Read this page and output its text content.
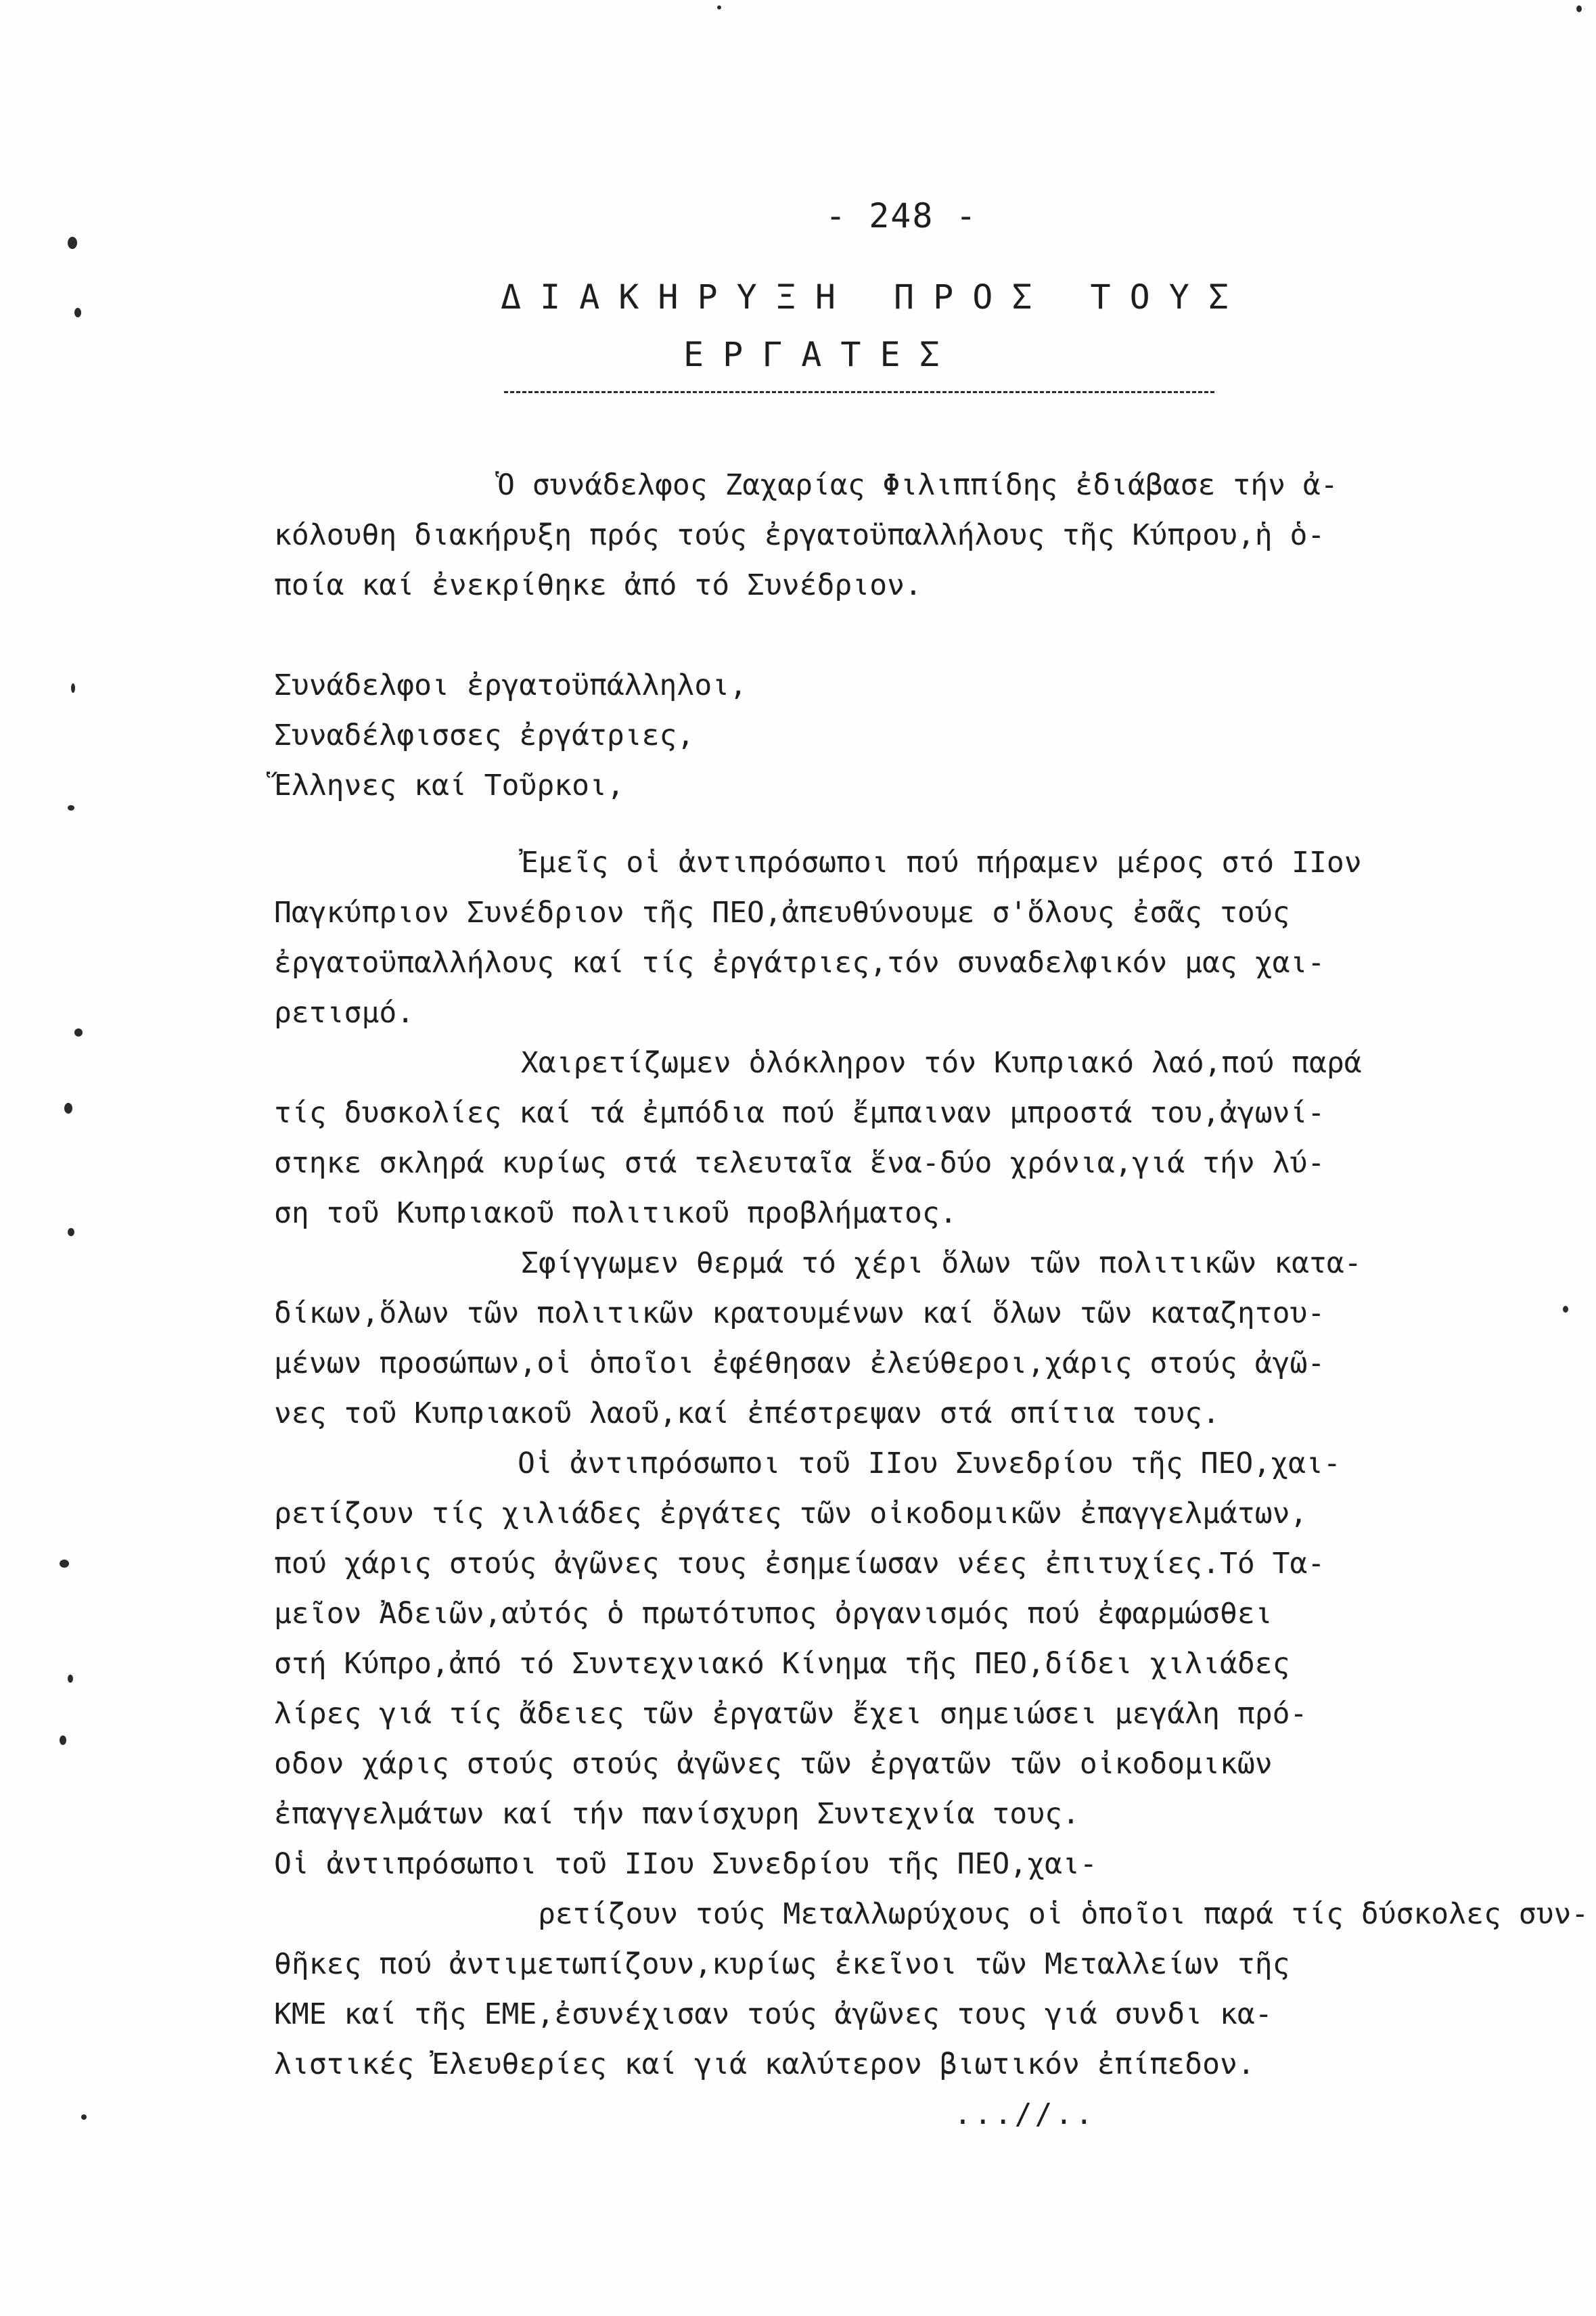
- 248 -
ΔΙΑΚΗΡΥΞΗ ΠΡΟΣ ΤΟΥΣ
ΕΡΓΑΤΕΣ
Ὁ συνάδελφος Ζαχαρίας Φιλιππίδης ἐδιάβασε τήν ἀ-
κόλουθη διακήρυξη πρός τούς ἐργατοϋπαλλήλους τῆς Κύπρου,ἡ ὁ-
ποία καί ἐνεκρίθηκε ἀπό τό Συνέδριον.
Συνάδελφοι ἐργατοϋπάλληλοι,
Συναδέλφισσες ἐργάτριες,
Ἕλληνες καί Τοῦρκοι,
Ἐμεῖς οἱ ἀντιπρόσωποι πού πήραμεν μέρος στό ΙΙον
Παγκύπριον Συνέδριον τῆς ΠΕΟ,ἀπευθύνουμε σ'ὅλους ἐσᾶς τούς
ἐργατοϋπαλλήλους καί τίς ἐργάτριες,τόν συναδελφικόν μας χαι-
ρετισμό.
Χαιρετίζωμεν ὁλόκληρον τόν Κυπριακό λαό,πού παρά
τίς δυσκολίες καί τά ἐμπόδια πού ἔμπαιναν μπροστά του,ἀγωνί-
στηκε σκληρά κυρίως στά τελευταῖα ἕνα-δύο χρόνια,γιά τήν λύ-
ση τοῦ Κυπριακοῦ πολιτικοῦ προβλήματος.
Σφίγγωμεν θερμά τό χέρι ὅλων τῶν πολιτικῶν κατα-
δίκων,ὅλων τῶν πολιτικῶν κρατουμένων καί ὅλων τῶν καταζητου-
μένων προσώπων,οἱ ὁποῖοι ἐφέθησαν ἐλεύθεροι,χάρις στούς ἀγῶ-
νες τοῦ Κυπριακοῦ λαοῦ,καί ἐπέστρεψαν στά σπίτια τους.
Οἱ ἀντιπρόσωποι τοῦ ΙΙου Συνεδρίου τῆς ΠΕΟ,χαι-
ρετίζουν τίς χιλιάδες ἐργάτες τῶν οἰκοδομικῶν ἐπαγγελμάτων,
πού χάρις στούς ἀγῶνες τους ἐσημείωσαν νέες ἐπιτυχίες.Τό Τα-
μεῖον Ἀδειῶν,αὐτός ὁ πρωτότυπος ὀργανισμός πού ἐφαρμώσθει
στή Κύπρο,ἀπό τό Συντεχνιακό Κίνημα τῆς ΠΕΟ,δίδει χιλιάδες
λίρες γιά τίς ἄδειες τῶν ἐργατῶν ἔχει σημειώσει μεγάλη πρό-
οδον χάρις στούς στούς ἀγῶνες τῶν ἐργατῶν τῶν οἰκοδομικῶν
ἐπαγγελμάτων καί τήν πανίσχυρη Συντεχνία τους.
Οἱ ἀντιπρόσωποι τοῦ ΙΙου Συνεδρίου τῆς ΠΕΟ,χαι-
ρετίζουν τούς Μεταλλωρύχους οἱ ὁποῖοι παρά τίς δύσκολες συν-
θῆκες πού ἀντιμετωπίζουν,κυρίως ἐκεῖνοι τῶν Μεταλλείων τῆς
ΚΜΕ καί τῆς ΕΜΕ,ἐσυνέχισαν τούς ἀγῶνες τους γιά συνδι κα-
λιστικές Ἐλευθερίες καί γιά καλύτερον βιωτικόν ἐπίπεδον.
...//..
